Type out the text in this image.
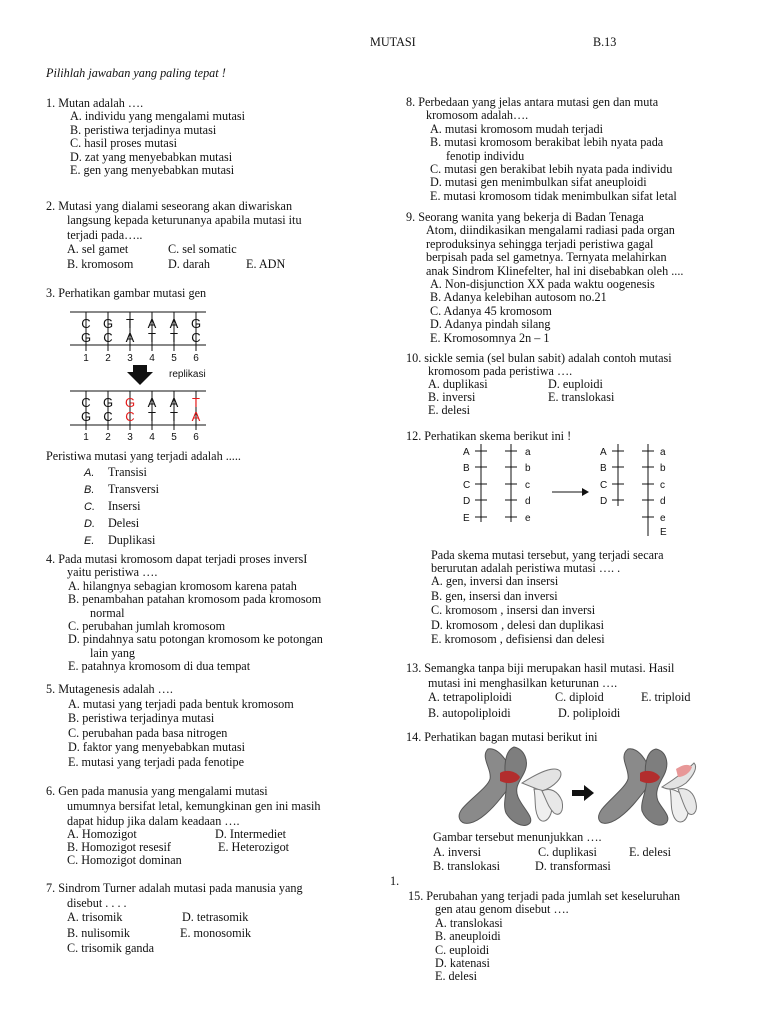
MUTASI	B.13
Pilihlah jawaban yang paling tepat !
1. Mutan adalah ….
A. individu yang mengalami mutasi
B. peristiwa terjadinya mutasi
C. hasil proses mutasi
D. zat yang menyebabkan mutasi
E. gen yang menyebabkan mutasi
2. Mutasi yang dialami seseorang akan diwariskan
langsung kepada keturunanya apabila mutasi itu
terjadi pada…..
A. sel gamet	C. sel somatic
B. kromosom	D. darah	E. ADN
3. Perhatikan gambar mutasi gen
C G T A A G
G C A T T C
1 2 3 4 5 6
replikasi
C G G A A T
G C C T T A
1 2 3 4 5 6
Peristiwa mutasi yang terjadi adalah .....
A. Transisi
B. Transversi
C. Insersi
D. Delesi
E. Duplikasi
4. Pada mutasi kromosom dapat terjadi proses inversI
yaitu peristiwa ….
A. hilangnya sebagian kromosom karena patah
B. penambahan patahan kromosom pada kromosom
normal
C. perubahan jumlah kromosom
D. pindahnya satu potongan kromosom ke potongan
lain yang
E. patahnya kromosom di dua tempat
5. Mutagenesis adalah ….
A. mutasi yang terjadi pada bentuk kromosom
B. peristiwa terjadinya mutasi
C. perubahan pada basa nitrogen
D. faktor yang menyebabkan mutasi
E. mutasi yang terjadi pada fenotipe
6. Gen pada manusia yang mengalami mutasi
umumnya bersifat letal, kemungkinan gen ini masih
dapat hidup jika dalam keadaan ….
A. Homozigot	D. Intermediet
B. Homozigot resesif	E. Heterozigot
C. Homozigot dominan
7. Sindrom Turner adalah mutasi pada manusia yang
disebut . . . .
A. trisomik	D. tetrasomik
B. nulisomik	E. monosomik
C. trisomik ganda
8. Perbedaan yang jelas antara mutasi gen dan muta
kromosom adalah….
A. mutasi kromosom mudah terjadi
B. mutasi kromosom berakibat lebih nyata pada
fenotip individu
C. mutasi gen berakibat lebih nyata pada individu
D. mutasi gen menimbulkan sifat aneuploidi
E. mutasi kromosom tidak menimbulkan sifat letal
9. Seorang wanita yang bekerja di Badan Tenaga
Atom, diindikasikan mengalami radiasi pada organ
reproduksinya sehingga terjadi peristiwa gagal
berpisah pada sel gametnya. Ternyata melahirkan
anak Sindrom Klinefelter, hal ini disebabkan oleh ....
A. Non-disjunction XX pada waktu oogenesis
B. Adanya kelebihan autosom no.21
C. Adanya 45 kromosom
D. Adanya pindah silang
E. Kromosomnya 2n – 1
10. sickle semia (sel bulan sabit) adalah contoh mutasi
kromosom pada peristiwa ….
A. duplikasi	D. euploidi
B. inversi	E. translokasi
E. delesi
12. Perhatikan skema berikut ini !
A
B
C
D
E
a
b
c
d
e
A
B
C
D
a
b
c
d
e
E
Pada skema mutasi tersebut, yang terjadi secara
berurutan adalah peristiwa mutasi …. .
A. gen, inversi dan insersi
B. gen, insersi dan inversi
C. kromosom , insersi dan inversi
D. kromosom , delesi dan duplikasi
E. kromosom , defisiensi dan delesi
13. Semangka tanpa biji merupakan hasil mutasi. Hasil
mutasi ini menghasilkan keturunan ….
A. tetrapoliploidi	C. diploid	E. triploid
B. autopoliploidi	D. poliploidi
14. Perhatikan bagan mutasi berikut ini
Gambar tersebut menunjukkan ….
A. inversi	C. duplikasi	E. delesi
B. translokasi	D. transformasi
1.
15. Perubahan yang terjadi pada jumlah set keseluruhan
gen atau genom disebut ….
A. translokasi
B. aneuploidi
C. euploidi
D. katenasi
E. delesi
